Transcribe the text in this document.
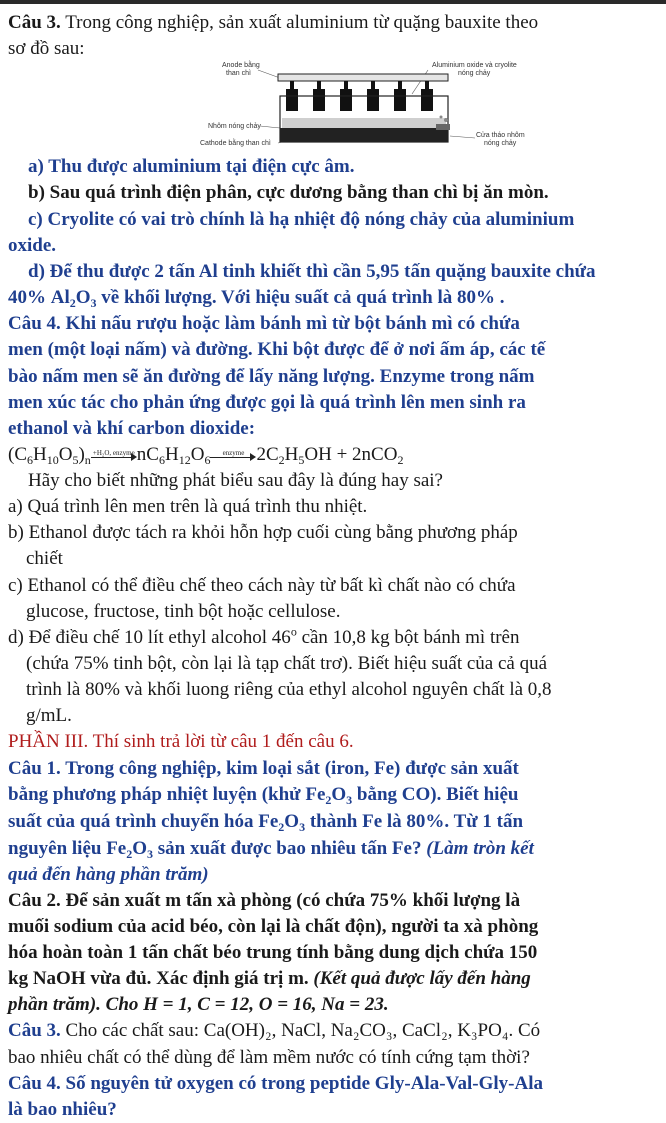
Câu 3. Trong công nghiệp, sản xuất aluminium từ quặng bauxite theo

sơ đồ sau:

Anode bằng
than chì
Aluminium oxide và cryolite
nóng chảy
Nhôm nóng chảy
Cathode bằng than chì
Cửa tháo nhôm
nóng chảy

a) Thu được aluminium tại điện cực âm.

b) Sau quá trình điện phân, cực dương bằng than chì bị ăn mòn.

c) Cryolite có vai trò chính là hạ nhiệt độ nóng chảy của aluminium

oxide.

d) Để thu được 2 tấn Al tinh khiết thì cần 5,95 tấn quặng bauxite chứa

40% $Al_2O_3$ về khối lượng. Với hiệu suất cả quá trình là 80% .

Câu 4. Khi nấu rượu hoặc làm bánh mì từ bột bánh mì có chứa

men (một loại nấm) và đường. Khi bột được để ở nơi ấm áp, các tế

bào nấm men sẽ ăn đường để lấy năng lượng. Enzyme trong nấm

men xúc tác cho phản ứng được gọi là quá trình lên men sinh ra

ethanol và khí carbon dioxide:

$(C_6H_{10}O_5)_n$
+H₂O, enzyme $nC_6H_{12}O_6$
enzyme $2C_2H_5OH + 2nCO_2$

Hãy cho biết những phát biểu sau đây là đúng hay sai?

a) Quá trình lên men trên là quá trình thu nhiệt.

b) Ethanol được tách ra khỏi hỗn hợp cuối cùng bằng phương pháp

chiết

c) Ethanol có thể điều chế theo cách này từ bất kì chất nào có chứa

glucose, fructose, tinh bột hoặc cellulose.

d) Để điều chế 10 lít ethyl alcohol 46$^o$ cần 10,8 kg bột bánh mì trên

(chứa 75% tinh bột, còn lại là tạp chất trơ). Biết hiệu suất của cả quá

trình là 80% và khối luong riêng của ethyl alcohol nguyên chất là 0,8

g/mL.

PHẦN III. Thí sinh trả lời từ câu 1 đến câu 6.

Câu 1. Trong công nghiệp, kim loại sắt (iron, Fe) được sản xuất

bằng phương pháp nhiệt luyện (khử $Fe_2O_3$ bằng CO). Biết hiệu

suất của quá trình chuyển hóa $Fe_2O_3$ thành Fe là 80%. Từ 1 tấn

nguyên liệu $Fe_2O_3$ sản xuất được bao nhiêu tấn Fe? (Làm tròn kết

quả đến hàng phần trăm)

Câu 2. Để sản xuất m tấn xà phòng (có chứa 75% khối lượng là

muối sodium của acid béo, còn lại là chất độn), người ta xà phòng

hóa hoàn toàn 1 tấn chất béo trung tính bằng dung dịch chứa 150

kg NaOH vừa đủ. Xác định giá trị m. (Kết quả được lấy đến hàng

phần trăm). Cho H = 1, C = 12, O = 16, Na = 23.

Câu 3. Cho các chất sau: Ca(OH)₂, NaCl, Na₂CO₃, CaCl₂, K₃PO₄. Có

bao nhiêu chất có thể dùng để làm mềm nước có tính cứng tạm thời?

Câu 4. Số nguyên tử oxygen có trong peptide Gly-Ala-Val-Gly-Ala

là bao nhiêu?
